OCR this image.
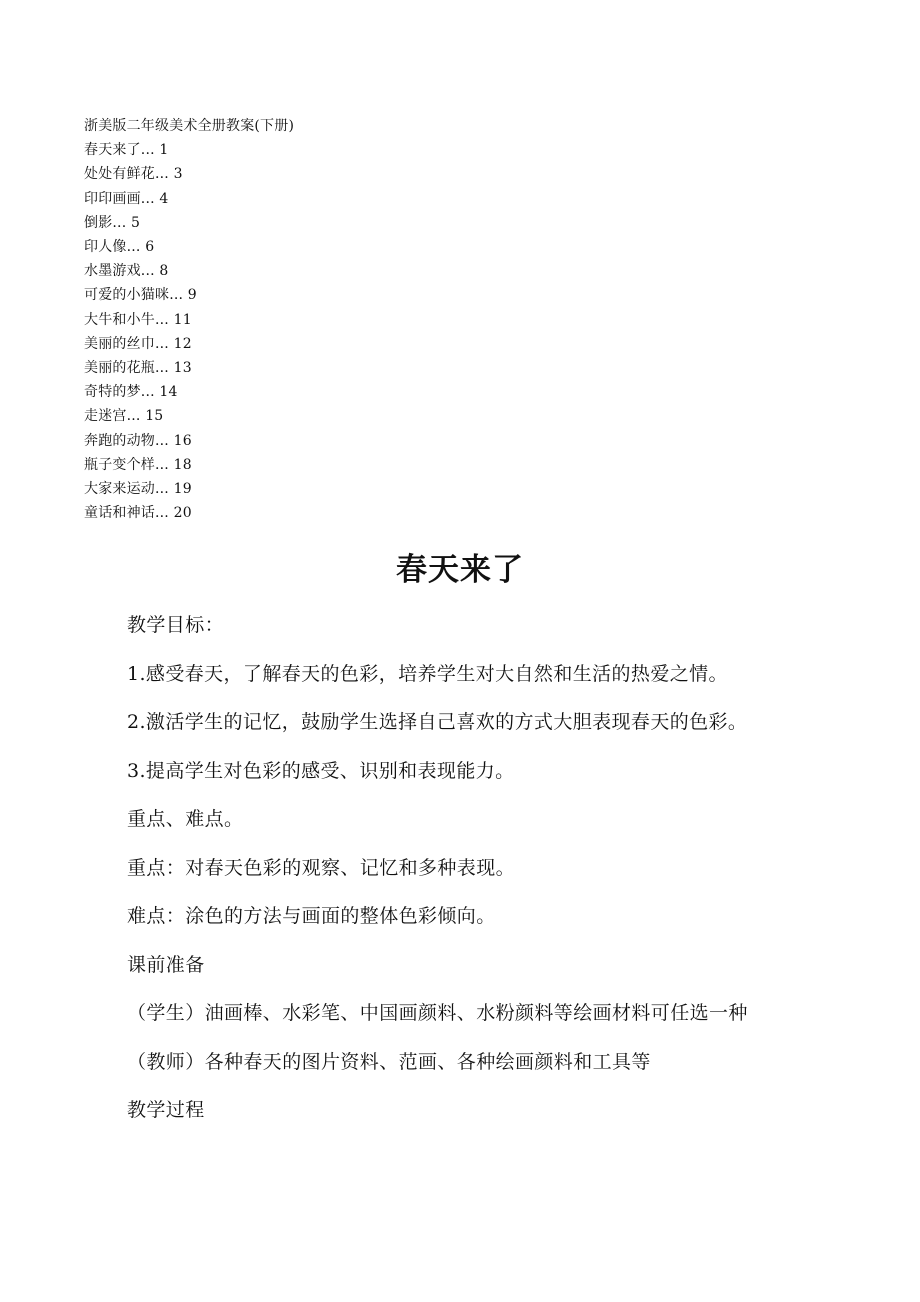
浙美版二年级美术全册教案(下册)
春天来了... 1
处处有鲜花... 3
印印画画... 4
倒影... 5
印人像... 6
水墨游戏... 8
可爱的小猫咪... 9
大牛和小牛... 11
美丽的丝巾... 12
美丽的花瓶... 13
奇特的梦... 14
走迷宫... 15
奔跑的动物... 16
瓶子变个样... 18
大家来运动... 19
童话和神话... 20
春天来了

教学目标：

1.感受春天，了解春天的色彩，培养学生对大自然和生活的热爱之情。

2.激活学生的记忆，鼓励学生选择自己喜欢的方式大胆表现春天的色彩。

3.提高学生对色彩的感受、识别和表现能力。

重点、难点。

重点：对春天色彩的观察、记忆和多种表现。

难点：涂色的方法与画面的整体色彩倾向。

课前准备

（学生）油画棒、水彩笔、中国画颜料、水粉颜料等绘画材料可任选一种

（教师）各种春天的图片资料、范画、各种绘画颜料和工具等

教学过程
